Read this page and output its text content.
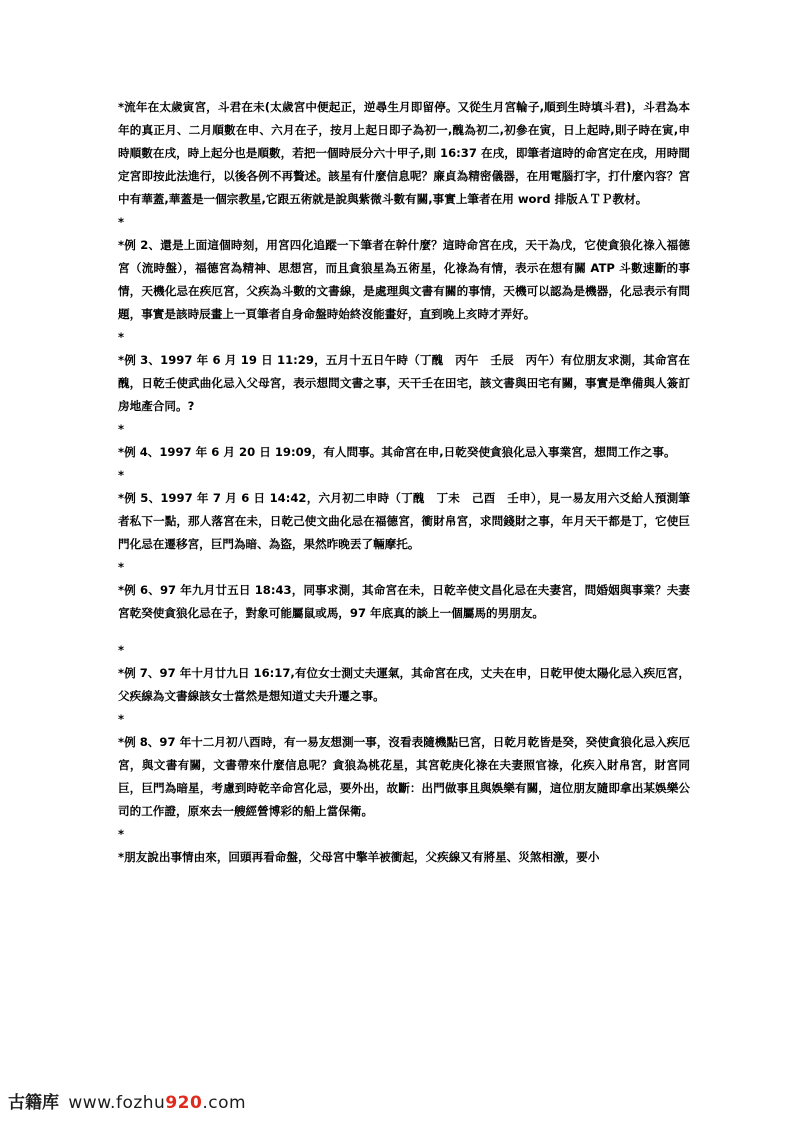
*流年在太歲寅宮，斗君在未(太歲宮中便起正，逆尋生月即留停。又從生月宮輪子,順到生時填斗君)，斗君為本年的真正月、二月順數在申、六月在子，按月上起日即子為初一,醜為初二,初參在寅，日上起時,則子時在寅,申時順數在戌，時上起分也是順數，若把一個時辰分六十甲子,則 16:37 在戌，即筆者這時的命宮定在戌，用時間定宮即按此法進行，以後各例不再贅述。該星有什麼信息呢？廉貞為精密儀器，在用電腦打字，打什麼內容？宮中有華蓋,華蓋是一個宗教星,它跟五術就是說與紫微斗數有關,事實上筆者在用 word 排版ＡＴＰ教材。

*

*例 2、還是上面這個時刻，用宮四化追蹤一下筆者在幹什麼？這時命宮在戌，天干為戊，它使貪狼化祿入福德宮（流時盤），福德宮為精神、思想宮，而且貪狼星為五術星，化祿為有情，表示在想有關 ATP 斗數速斷的事情，天機化忌在疾厄宮，父疾為斗數的文書線，是處理與文書有關的事情，天機可以認為是機器，化忌表示有問題，事實是該時辰畫上一頁筆者自身命盤時始終沒能畫好，直到晚上亥時才弄好。

*

*例 3、1997 年 6 月 19 日 11:29，五月十五日午時（丁醜　丙午　壬辰　丙午）有位朋友求測，其命宮在醜，日乾壬使武曲化忌入父母宮，表示想問文書之事，天干壬在田宅，該文書與田宅有關，事實是準備與人簽訂房地產合同。?

*

*例 4、1997 年 6 月 20 日 19:09，有人問事。其命宮在申,日乾癸使貪狼化忌入事業宮，想問工作之事。

*

*例 5、1997 年 7 月 6 日 14:42，六月初二申時（丁醜　丁未　己酉　壬申），見一易友用六爻給人預測筆者私下一點，那人落宮在未，日乾己使文曲化忌在福德宮，衝財帛宮，求問錢財之事，年月天干都是丁，它使巨門化忌在遷移宮，巨門為暗、為盜，果然昨晚丟了輛摩托。

*

*例 6、97 年九月廿五日 18:43，同事求測，其命宮在未，日乾辛使文昌化忌在夫妻宮，問婚姻與事業？夫妻宮乾癸使貪狼化忌在子，對象可能屬鼠或馬，97 年底真的談上一個屬馬的男朋友。

*

*例 7、97 年十月廿九日 16:17,有位女士測丈夫運氣，其命宮在戌，丈夫在申，日乾甲使太陽化忌入疾厄宮，父疾線為文書線該女士當然是想知道丈夫升遷之事。

*

*例 8、97 年十二月初八酉時，有一易友想測一事，沒看表隨機點巳宮，日乾月乾皆是癸，癸使貪狼化忌入疾厄宮，與文書有關，文書帶來什麼信息呢？貪狼為桃花星，其宮乾庚化祿在夫妻照官祿，化疾入財帛宮，財宮同巨，巨門為暗星，考慮到時乾辛命宮化忌，要外出，故斷：出門做事且與娛樂有關，這位朋友隨即拿出某娛樂公司的工作證，原來去一艘經營博彩的船上當保衛。

*

*朋友說出事情由來，回頭再看命盤，父母宮中擎羊被衝起，父疾線又有將星、災煞相激，要小

古籍库 www.fozhu920.com
